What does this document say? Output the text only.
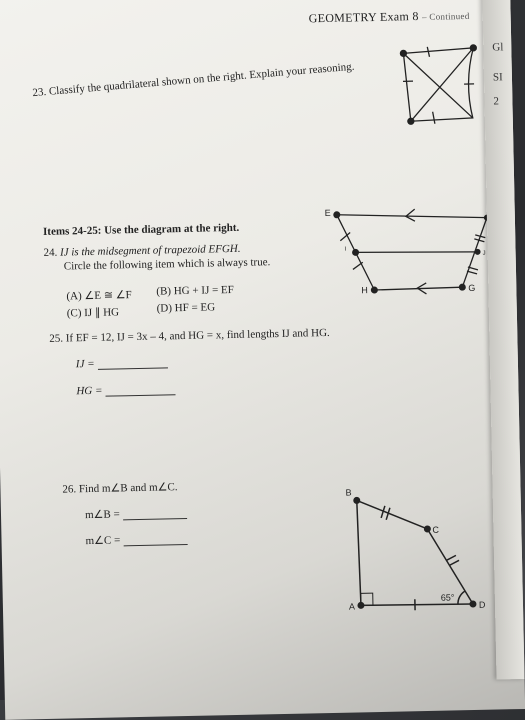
GEOMETRY Exam 8 – Continued
23. Classify the quadrilateral shown on the right. Explain your reasoning.
Items 24-25: Use the diagram at the right.
24. IJ is the midsegment of trapezoid EFGH.
Circle the following item which is always true.
(A) ∠E ≅ ∠F (B) HG + IJ = EF
(C) IJ ∥ HG	(D) HF = EG
25. If EF = 12, IJ = 3x – 4, and HG = x, find lengths IJ and HG.
IJ =
HG =
26. Find m∠B and m∠C.
m∠B =
m∠C =
E
I
J
H	G
B
C
A	D
65°
Gl
SI
2
